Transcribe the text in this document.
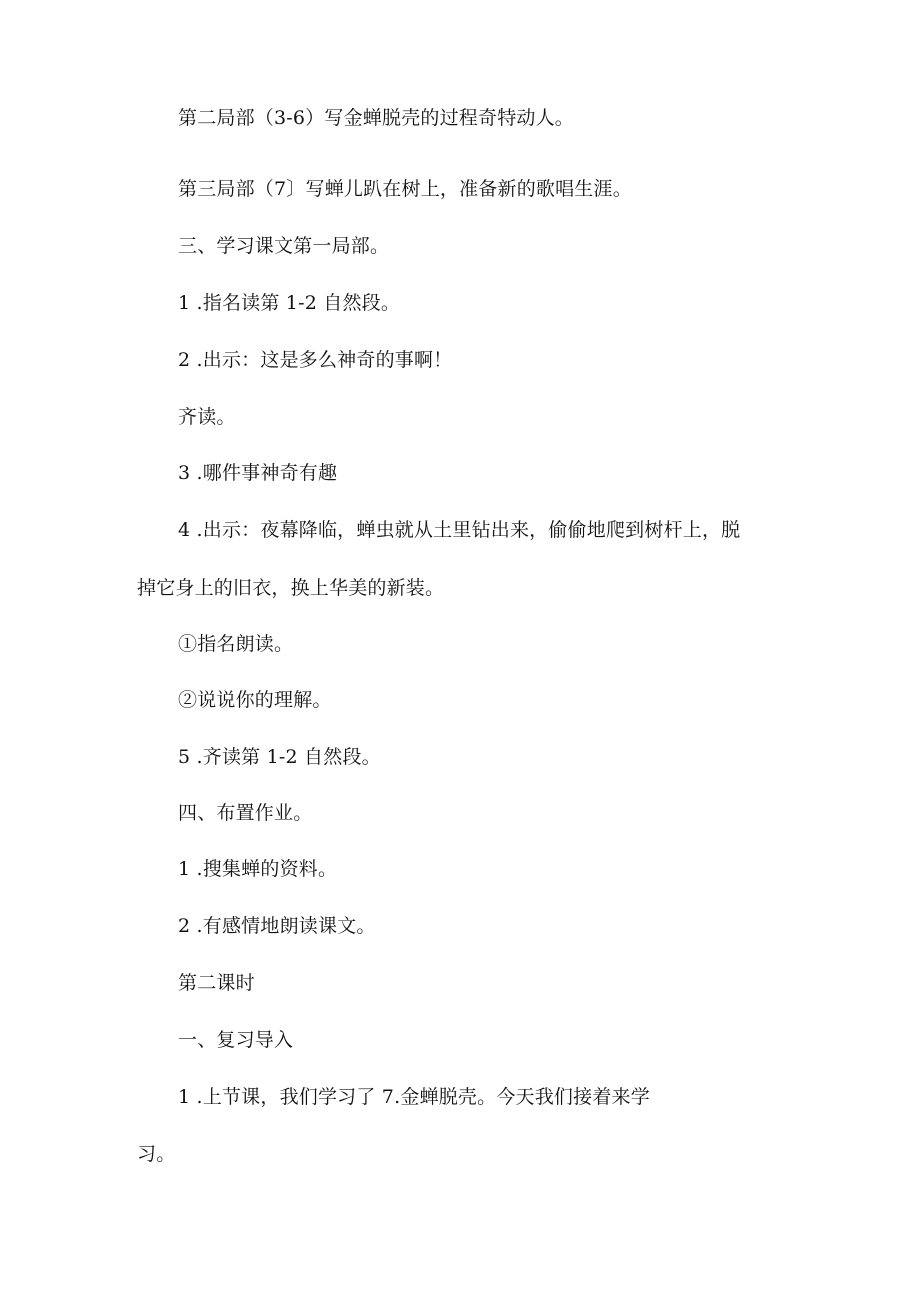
第二局部（3-6）写金蝉脱壳的过程奇特动人。
第三局部（7〕写蝉儿趴在树上，准备新的歌唱生涯。
三、学习课文第一局部。
1 .指名读第 1-2 自然段。
2 .出示：这是多么神奇的事啊！
齐读。
3 .哪件事神奇有趣
4 .出示：夜幕降临，蝉虫就从土里钻出来，偷偷地爬到树杆上，脱
掉它身上的旧衣，换上华美的新装。
①指名朗读。
②说说你的理解。
5 .齐读第 1-2 自然段。
四、布置作业。
1 .搜集蝉的资料。
2 .有感情地朗读课文。
第二课时
一、复习导入
1 .上节课，我们学习了 7.金蝉脱壳。今天我们接着来学
习。
